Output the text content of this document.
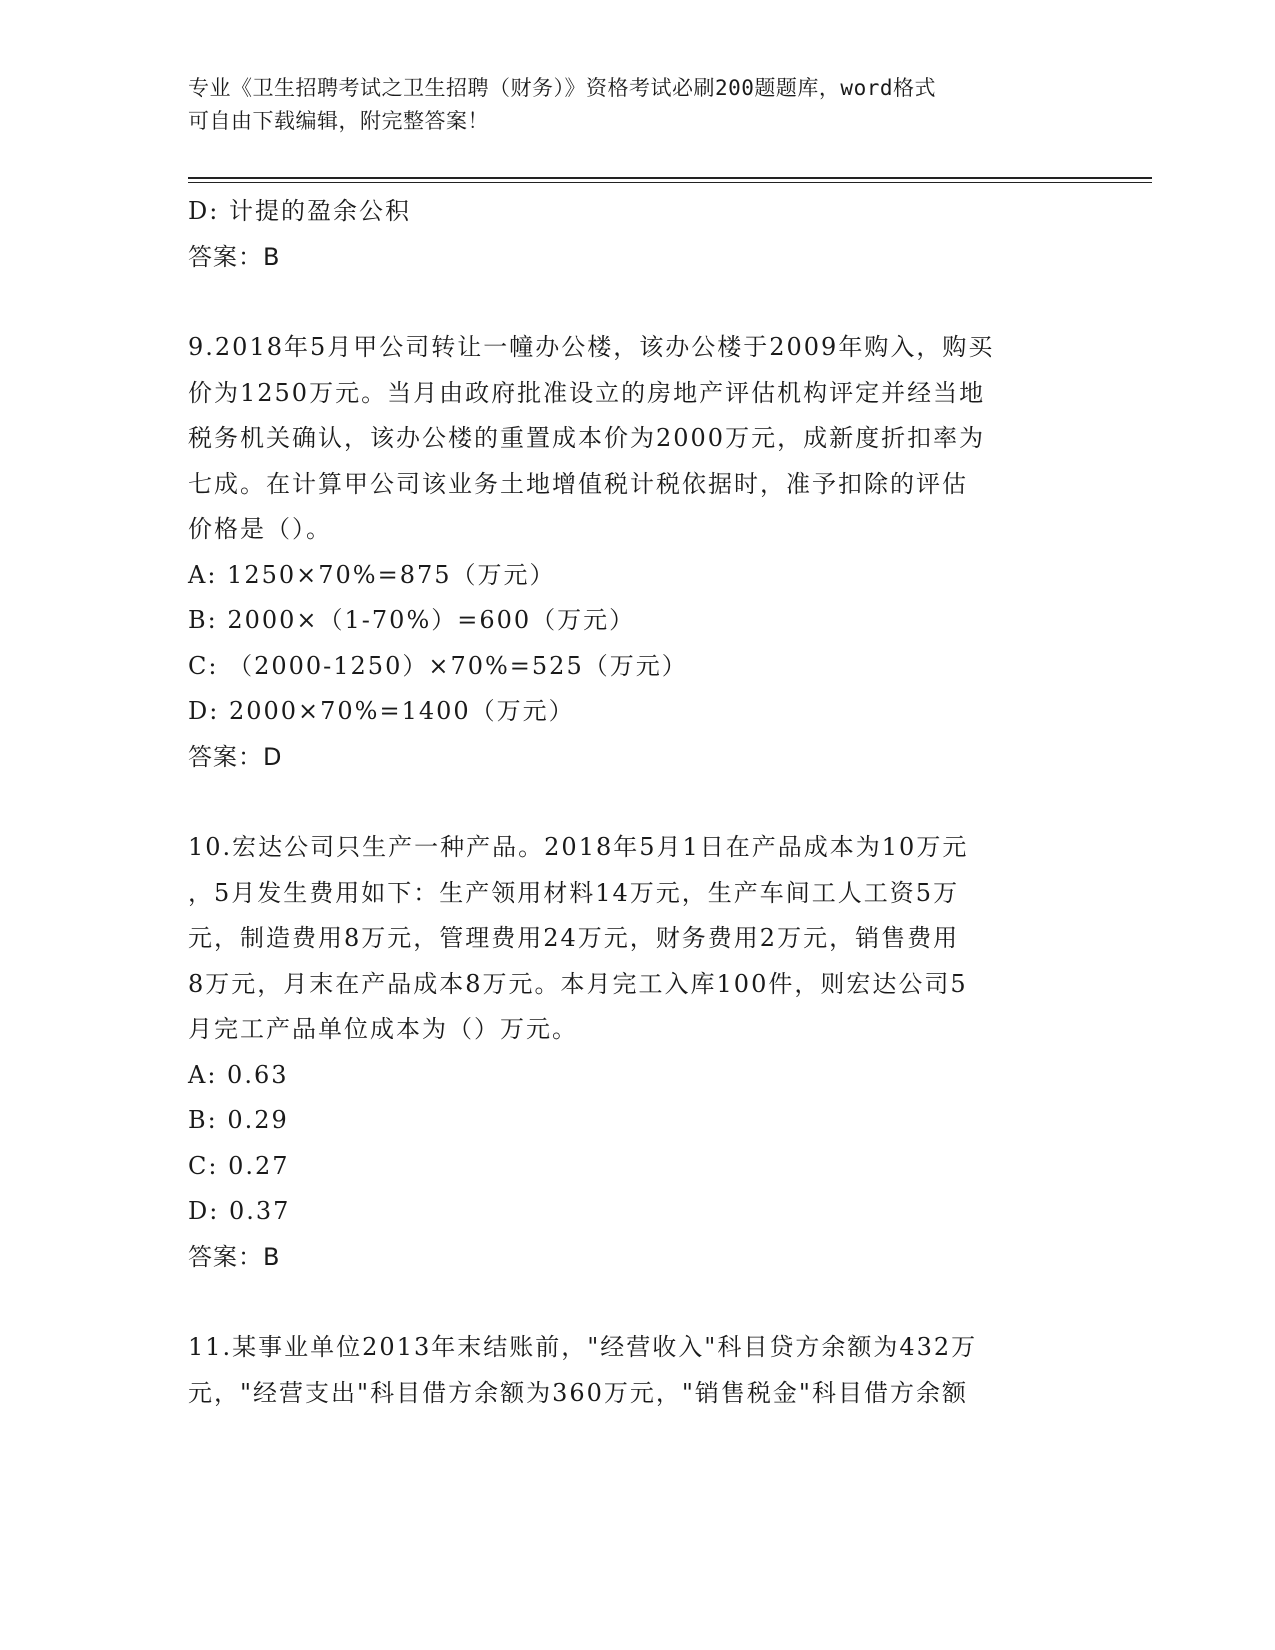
专业《卫生招聘考试之卫生招聘（财务）》资格考试必刷200题题库，word格式
可自由下载编辑，附完整答案！
D: 计提的盈余公积
答案：B
9.2018年5月甲公司转让一幢办公楼，该办公楼于2009年购入，购买
价为1250万元。当月由政府批准设立的房地产评估机构评定并经当地
税务机关确认，该办公楼的重置成本价为2000万元，成新度折扣率为
七成。在计算甲公司该业务土地增值税计税依据时，准予扣除的评估
价格是（）。
A: 1250×70%=875（万元）
B: 2000×（1-70%）=600（万元）
C: （2000-1250）×70%=525（万元）
D: 2000×70%=1400（万元）
答案：D
10.宏达公司只生产一种产品。2018年5月1日在产品成本为10万元
，5月发生费用如下：生产领用材料14万元，生产车间工人工资5万
元，制造费用8万元，管理费用24万元，财务费用2万元，销售费用
8万元，月末在产品成本8万元。本月完工入库100件，则宏达公司5
月完工产品单位成本为（）万元。
A: 0.63
B: 0.29
C: 0.27
D: 0.37
答案：B
11.某事业单位2013年末结账前，"经营收入"科目贷方余额为432万
元，"经营支出"科目借方余额为360万元，"销售税金"科目借方余额
